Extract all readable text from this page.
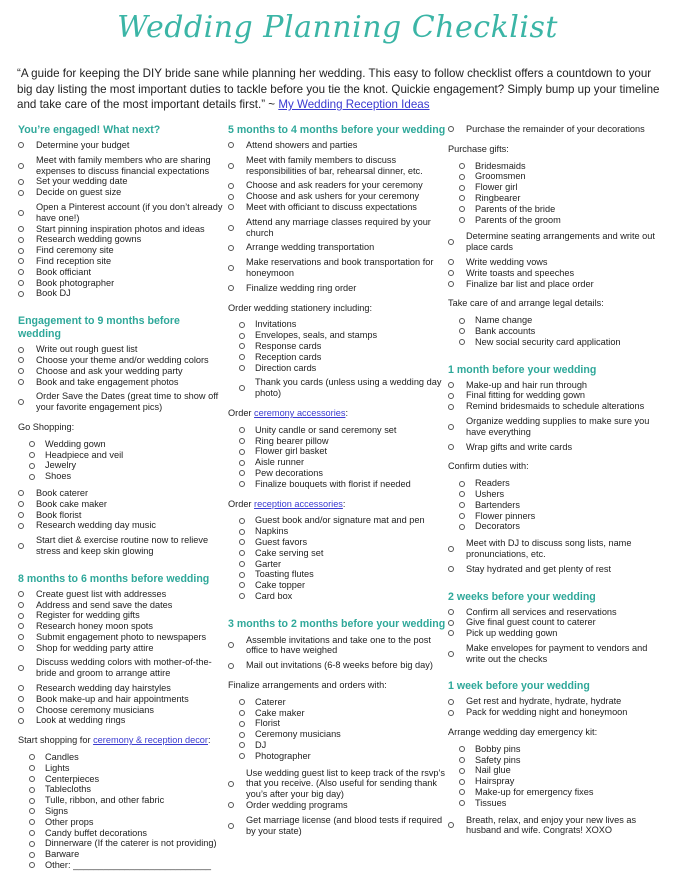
Wedding Planning Checklist
“A guide for keeping the DIY bride sane while planning her wedding. This easy to follow checklist offers a countdown to your big day listing the most important duties to tackle before you tie the knot. Quickie engagement? Simply bump up your timeline and take care of the most important details first.” ~ My Wedding Reception Ideas
You’re engaged! What next?
Determine your budget
Meet with family members who are sharing expenses to discuss financial expectations
Set your wedding date
Decide on guest size
Open a Pinterest account (if you don’t already have one!)
Start pinning inspiration photos and ideas
Research wedding gowns
Find ceremony site
Find reception site
Book officiant
Book photographer
Book DJ
Engagement to 9 months before wedding
Write out rough guest list
Choose your theme and/or wedding colors
Choose and ask your wedding party
Book and take engagement photos
Order Save the Dates (great time to show off your favorite engagement pics)
Go Shopping:
Wedding gown
Headpiece and veil
Jewelry
Shoes
Book caterer
Book cake maker
Book florist
Research wedding day music
Start diet & exercise routine now to relieve stress and keep skin glowing
8 months to 6 months before wedding
Create guest list with addresses
Address and send save the dates
Register for wedding gifts
Research honey moon spots
Submit engagement photo to newspapers
Shop for wedding party attire
Discuss wedding colors with mother-of-the-bride and groom to arrange attire
Research wedding day hairstyles
Book make-up and hair appointments
Choose ceremony musicians
Look at wedding rings
Start shopping for ceremony & reception decor:
Candles
Lights
Centerpieces
Tablecloths
Tulle, ribbon, and other fabric
Signs
Other props
Candy buffet decorations
Dinnerware (If the caterer is not providing)
Barware
Other: ___________________________
5 months to 4 months before your wedding
Attend showers and parties
Meet with family members to discuss responsibilities of bar, rehearsal dinner, etc.
Choose and ask readers for your ceremony
Choose and ask ushers for your ceremony
Meet with officiant to discuss expectations
Attend any marriage classes required by your church
Arrange wedding transportation
Make reservations and book transportation for honeymoon
Finalize wedding ring order
Order wedding stationery including:
Invitations
Envelopes, seals, and stamps
Response cards
Reception cards
Direction cards
Thank you cards (unless using a wedding day photo)
Order ceremony accessories:
Unity candle or sand ceremony set
Ring bearer pillow
Flower girl basket
Aisle runner
Pew decorations
Finalize bouquets with florist if needed
Order reception accessories:
Guest book and/or signature mat and pen
Napkins
Guest favors
Cake serving set
Garter
Toasting flutes
Cake topper
Card box
3 months to 2 months before your wedding
Assemble invitations and take one to the post office to have weighed
Mail out invitations (6-8 weeks before big day)
Finalize arrangements and orders with:
Caterer
Cake maker
Florist
Ceremony musicians
DJ
Photographer
Use wedding guest list to keep track of the rsvp’s that you receive. (Also useful for sending thank you’s after your big day)
Order wedding programs
Get marriage license (and blood tests if required by your state)
Purchase the remainder of your decorations
Purchase gifts:
Bridesmaids
Groomsmen
Flower girl
Ringbearer
Parents of the bride
Parents of the groom
Determine seating arrangements and write out place cards
Write wedding vows
Write toasts and speeches
Finalize bar list and place order
Take care of and arrange legal details:
Name change
Bank accounts
New social security card application
1 month before your wedding
Make-up and hair run through
Final fitting for wedding gown
Remind bridesmaids to schedule alterations
Organize wedding supplies to make sure you have everything
Wrap gifts and write cards
Confirm duties with:
Readers
Ushers
Bartenders
Flower pinners
Decorators
Meet with DJ to discuss song lists, name pronunciations, etc.
Stay hydrated and get plenty of rest
2 weeks before your wedding
Confirm all services and reservations
Give final guest count to caterer
Pick up wedding gown
Make envelopes for payment to vendors and write out the checks
1 week before your wedding
Get rest and hydrate, hydrate, hydrate
Pack for wedding night and honeymoon
Arrange wedding day emergency kit:
Bobby pins
Safety pins
Nail glue
Hairspray
Make-up for emergency fixes
Tissues
Breath, relax, and enjoy your new lives as husband and wife. Congrats! XOXO
